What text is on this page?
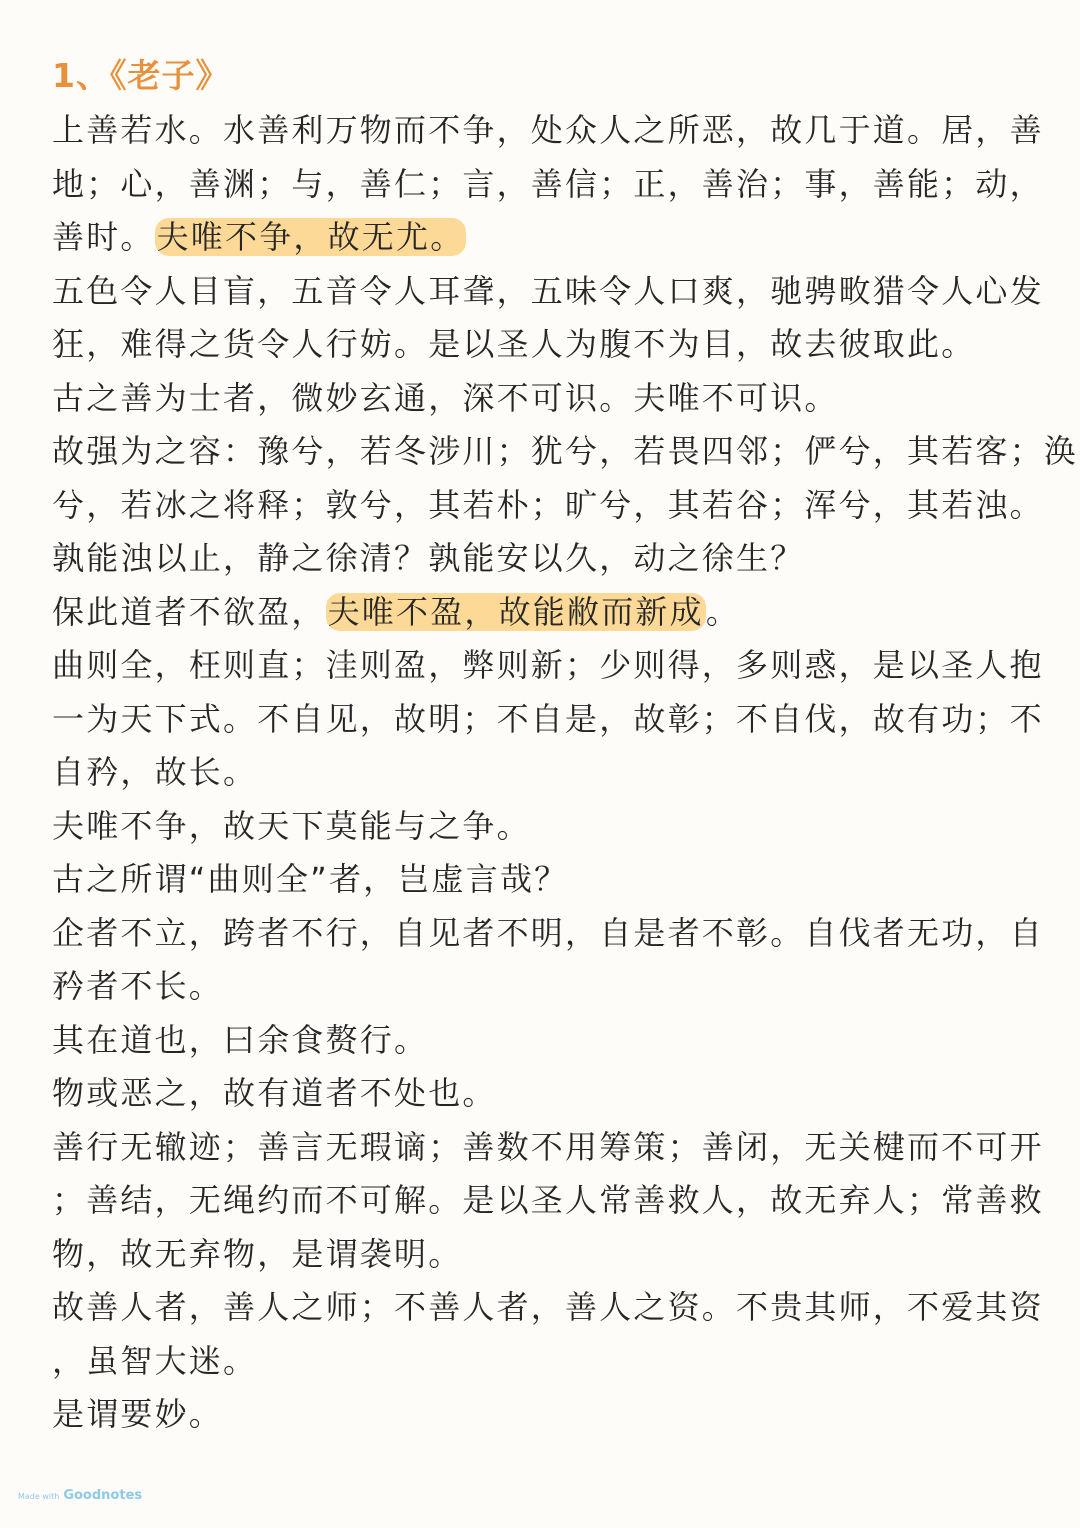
1、《老子》
上善若水。水善利万物而不争，处众人之所恶，故几于道。居，善
地；心，善渊；与，善仁；言，善信；正，善治；事，善能；动，
善时。夫唯不争，故无尤。
五色令人目盲，五音令人耳聋，五味令人口爽，驰骋畋猎令人心发
狂，难得之货令人行妨。是以圣人为腹不为目，故去彼取此。
古之善为士者，微妙玄通，深不可识。夫唯不可识。
故强为之容：豫兮，若冬涉川；犹兮，若畏四邻；俨兮，其若客；涣
兮，若冰之将释；敦兮，其若朴；旷兮，其若谷；浑兮，其若浊。
孰能浊以止，静之徐清？孰能安以久，动之徐生？
保此道者不欲盈，夫唯不盈，故能敝而新成。
曲则全，枉则直；洼则盈，弊则新；少则得，多则惑，是以圣人抱
一为天下式。不自见，故明；不自是，故彰；不自伐，故有功；不
自矜，故长。
夫唯不争，故天下莫能与之争。
古之所谓“曲则全”者，岂虚言哉？
企者不立，跨者不行，自见者不明，自是者不彰。自伐者无功，自
矜者不长。
其在道也，曰余食赘行。
物或恶之，故有道者不处也。
善行无辙迹；善言无瑕谪；善数不用筹策；善闭，无关楗而不可开
；善结，无绳约而不可解。是以圣人常善救人，故无弃人；常善救
物，故无弃物，是谓袭明。
故善人者，善人之师；不善人者，善人之资。不贵其师，不爱其资
，虽智大迷。
是谓要妙。
Made with Goodnotes
